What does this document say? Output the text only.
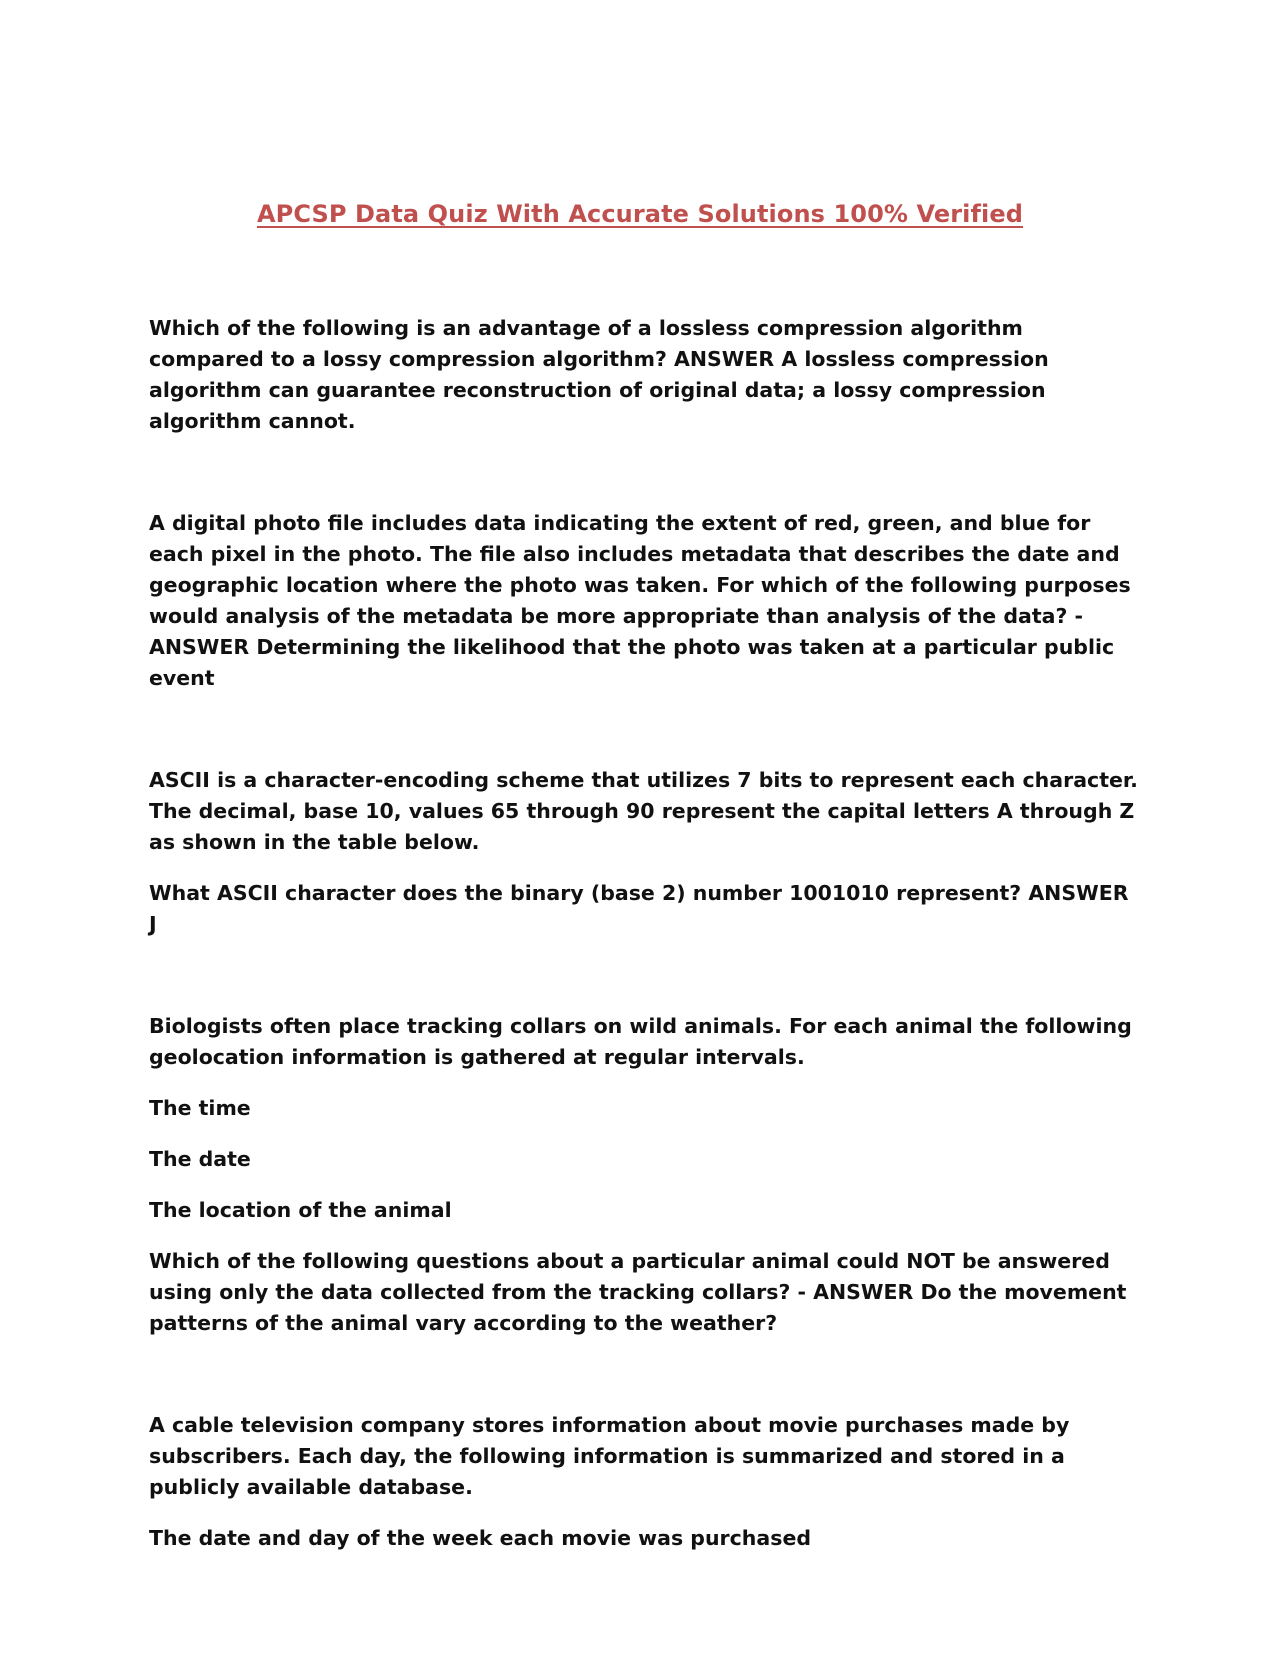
APCSP Data Quiz With Accurate Solutions 100% Verified

Which of the following is an advantage of a lossless compression algorithm compared to a lossy compression algorithm? ANSWER A lossless compression algorithm can guarantee reconstruction of original data; a lossy compression algorithm cannot.

A digital photo file includes data indicating the extent of red, green, and blue for each pixel in the photo. The file also includes metadata that describes the date and geographic location where the photo was taken. For which of the following purposes would analysis of the metadata be more appropriate than analysis of the data? - ANSWER Determining the likelihood that the photo was taken at a particular public event

ASCII is a character-encoding scheme that utilizes 7 bits to represent each character. The decimal, base 10, values 65 through 90 represent the capital letters A through Z as shown in the table below.

What ASCII character does the binary (base 2) number 1001010 represent? ANSWER J

Biologists often place tracking collars on wild animals. For each animal the following geolocation information is gathered at regular intervals.

The time

The date

The location of the animal

Which of the following questions about a particular animal could NOT be answered using only the data collected from the tracking collars? - ANSWER Do the movement patterns of the animal vary according to the weather?

A cable television company stores information about movie purchases made by subscribers. Each day, the following information is summarized and stored in a publicly available database.

The date and day of the week each movie was purchased
